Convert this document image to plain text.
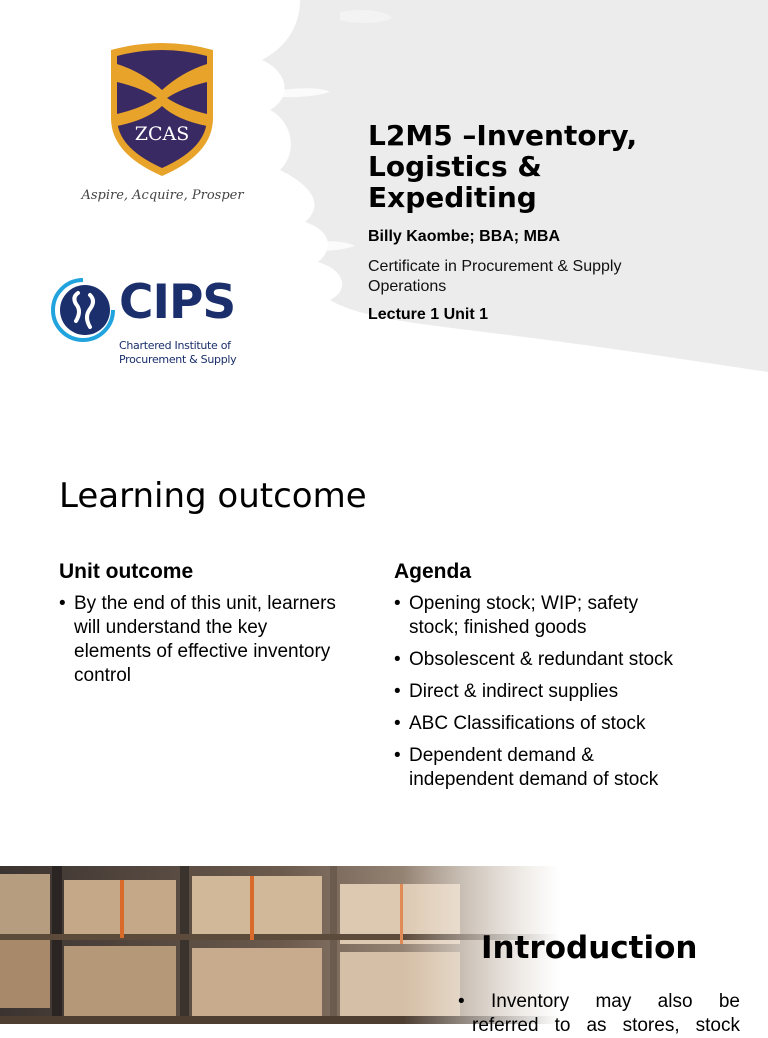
ZCAS
Aspire, Acquire, Prosper
CIPS
Chartered Institute of
Procurement & Supply
L2M5 –Inventory,
Logistics &
Expediting
Billy Kaombe; BBA; MBA
Certificate in Procurement & Supply
Operations
Lecture 1 Unit 1
Learning outcome
Unit outcome
• By the end of this unit, learners
will understand the key
elements of effective inventory
control
Agenda
• Opening stock; WIP; safety
stock; finished goods
• Obsolescent & redundant stock
• Direct & indirect supplies
• ABC Classifications of stock
• Dependent demand &
independent demand of stock
Introduction
• Inventory may also be
referred to as stores, stock
